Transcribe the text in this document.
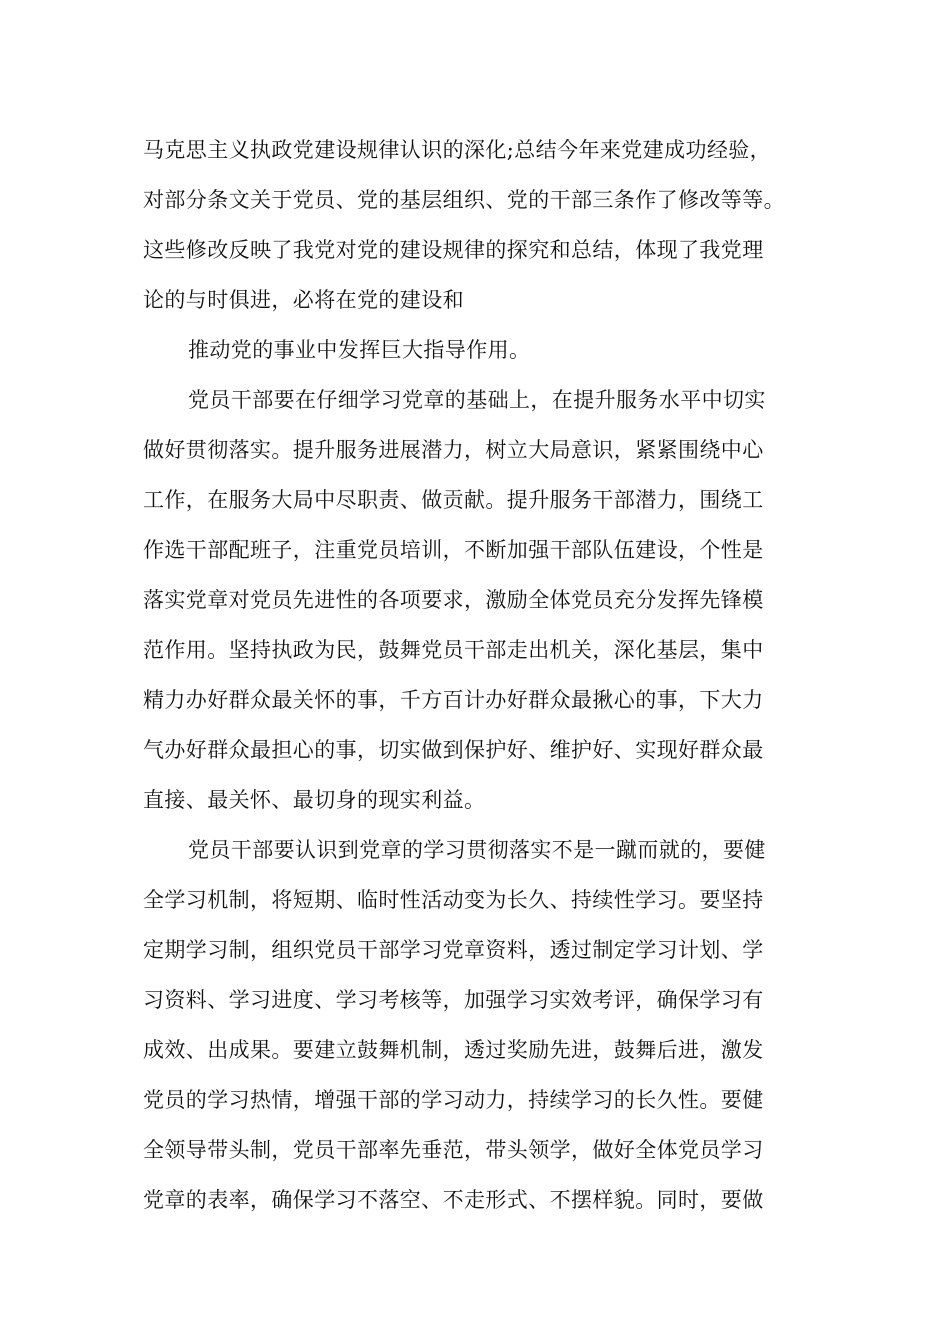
马克思主义执政党建设规律认识的深化;总结今年来党建成功经验，
对部分条文关于党员、党的基层组织、党的干部三条作了修改等等。
这些修改反映了我党对党的建设规律的探究和总结，体现了我党理
论的与时俱进，必将在党的建设和
推动党的事业中发挥巨大指导作用。
党员干部要在仔细学习党章的基础上，在提升服务水平中切实
做好贯彻落实。提升服务进展潜力，树立大局意识，紧紧围绕中心
工作，在服务大局中尽职责、做贡献。提升服务干部潜力，围绕工
作选干部配班子，注重党员培训，不断加强干部队伍建设，个性是
落实党章对党员先进性的各项要求，激励全体党员充分发挥先锋模
范作用。坚持执政为民，鼓舞党员干部走出机关，深化基层，集中
精力办好群众最关怀的事，千方百计办好群众最揪心的事，下大力
气办好群众最担心的事，切实做到保护好、维护好、实现好群众最
直接、最关怀、最切身的现实利益。
党员干部要认识到党章的学习贯彻落实不是一蹴而就的，要健
全学习机制，将短期、临时性活动变为长久、持续性学习。要坚持
定期学习制，组织党员干部学习党章资料，透过制定学习计划、学
习资料、学习进度、学习考核等，加强学习实效考评，确保学习有
成效、出成果。要建立鼓舞机制，透过奖励先进，鼓舞后进，激发
党员的学习热情，增强干部的学习动力，持续学习的长久性。要健
全领导带头制，党员干部率先垂范，带头领学，做好全体党员学习
党章的表率，确保学习不落空、不走形式、不摆样貌。同时，要做
